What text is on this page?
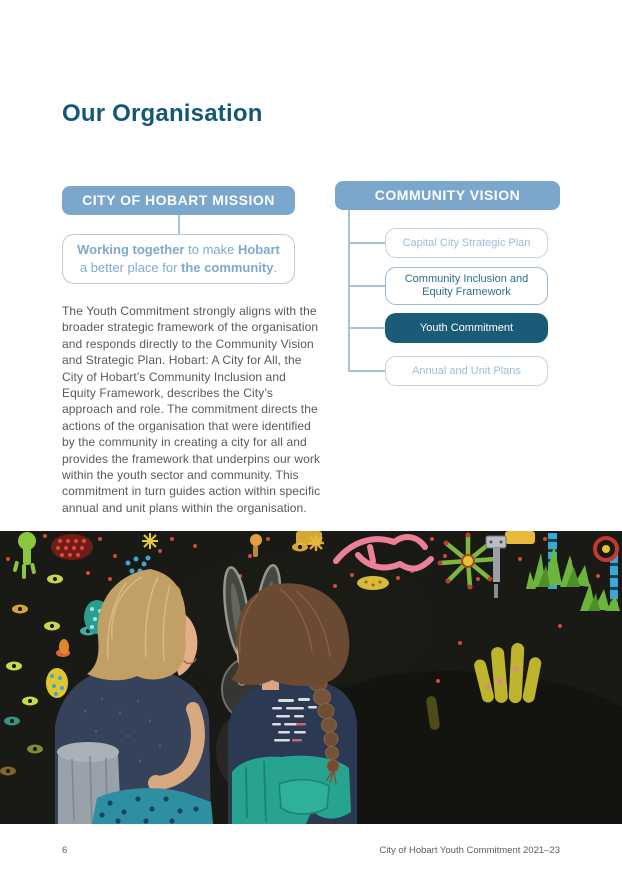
Our Organisation
CITY OF HOBART MISSION
Working together to make Hobart a better place for the community.

The Youth Commitment strongly aligns with the broader strategic framework of the organisation and responds directly to the Community Vision and Strategic Plan. Hobart: A City for All, the City of Hobart’s Community Inclusion and Equity Framework, describes the City’s approach and role. The commitment directs the actions of the organisation that were identified by the community in creating a city for all and provides the framework that underpins our work within the youth sector and community. This commitment in turn guides action within specific annual and unit plans within the organisation.

COMMUNITY VISION
Capital City Strategic Plan
Community Inclusion and Equity Framework
Youth Commitment
Annual and Unit Plans
6	City of Hobart Youth Commitment 2021–23
